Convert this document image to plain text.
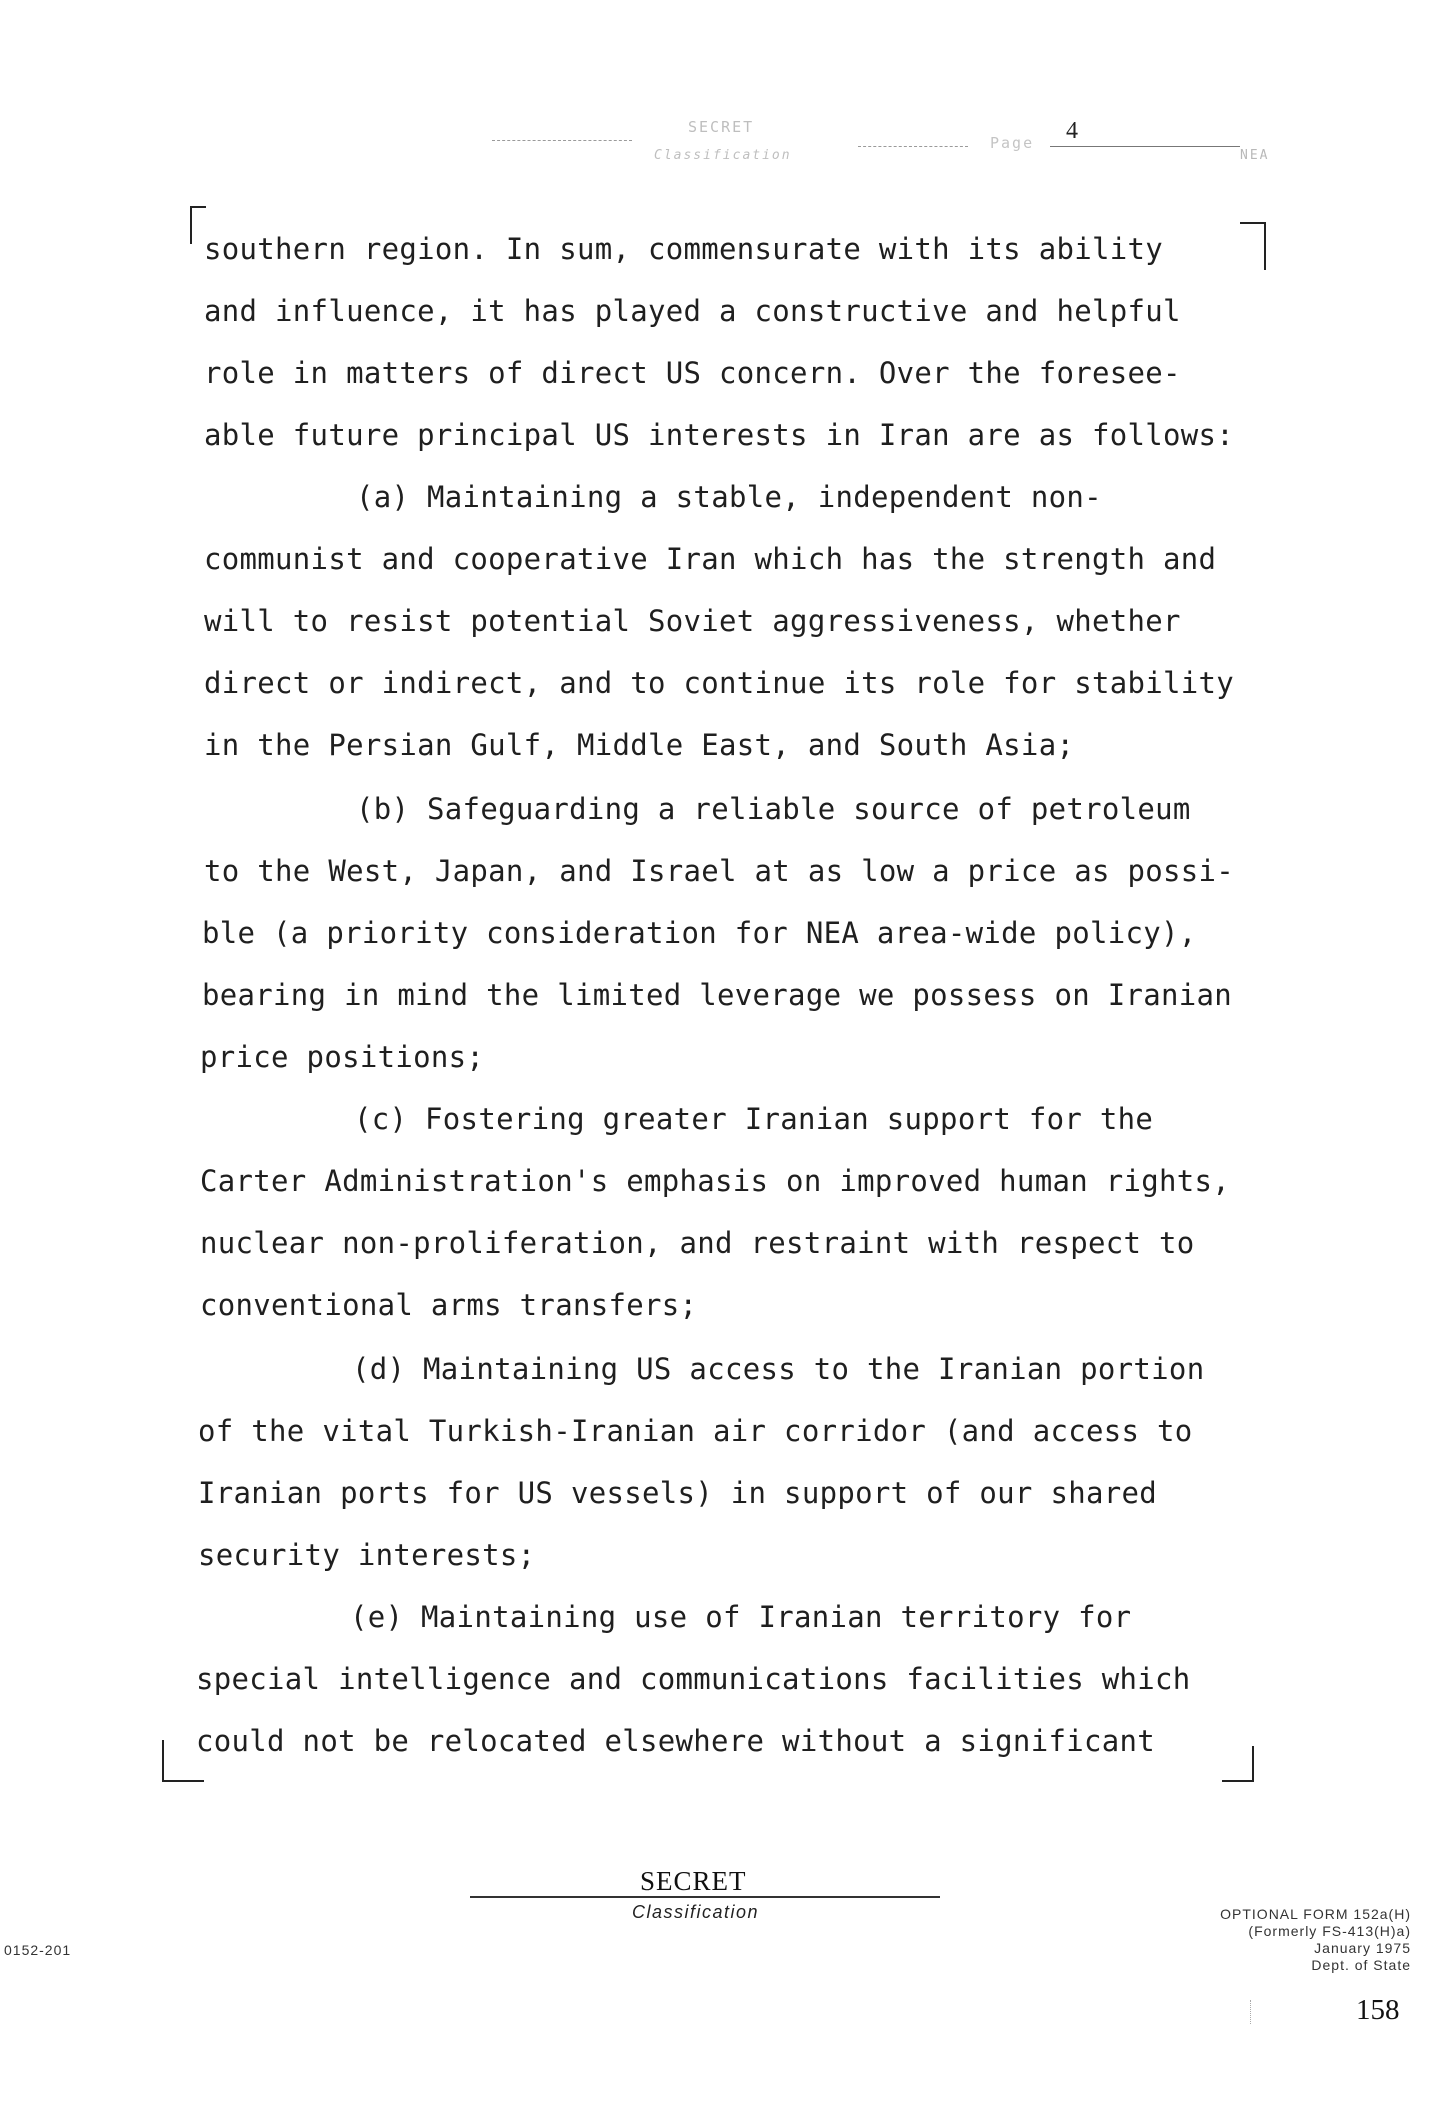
SECRET
Classification
Page 4
NEA
southern region. In sum, commensurate with its ability
and influence, it has played a constructive and helpful
role in matters of direct US concern. Over the foresee-
able future principal US interests in Iran are as follows:
(a) Maintaining a stable, independent non-
communist and cooperative Iran which has the strength and
will to resist potential Soviet aggressiveness, whether
direct or indirect, and to continue its role for stability
in the Persian Gulf, Middle East, and South Asia;
(b) Safeguarding a reliable source of petroleum
to the West, Japan, and Israel at as low a price as possi-
ble (a priority consideration for NEA area-wide policy),
bearing in mind the limited leverage we possess on Iranian
price positions;
(c) Fostering greater Iranian support for the
Carter Administration's emphasis on improved human rights,
nuclear non-proliferation, and restraint with respect to
conventional arms transfers;
(d) Maintaining US access to the Iranian portion
of the vital Turkish-Iranian air corridor (and access to
Iranian ports for US vessels) in support of our shared
security interests;
(e) Maintaining use of Iranian territory for
special intelligence and communications facilities which
could not be relocated elsewhere without a significant
SECRET
Classification
0152-201
OPTIONAL FORM 152a(H)
(Formerly FS-413(H)a)
January 1975
Dept. of State
158
